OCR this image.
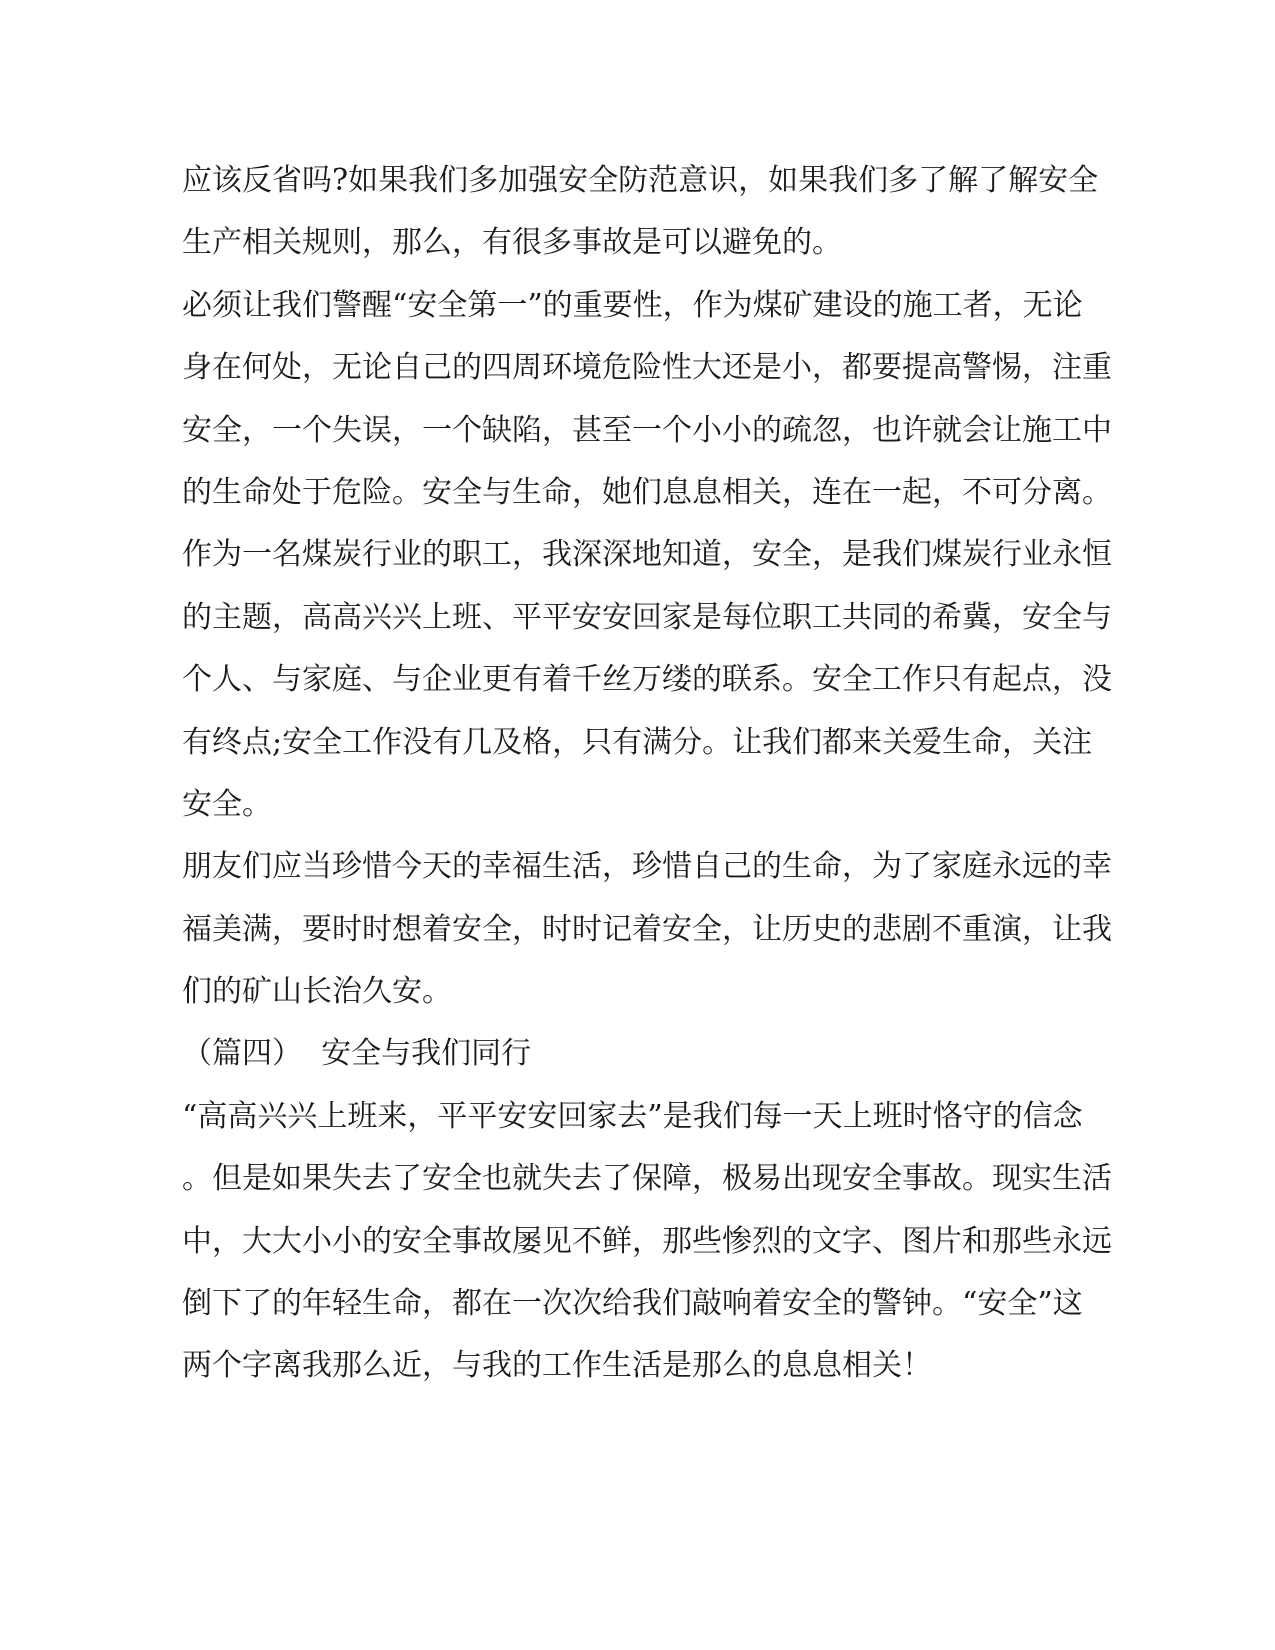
应该反省吗?如果我们多加强安全防范意识，如果我们多了解了解安全
生产相关规则，那么，有很多事故是可以避免的。
必须让我们警醒“安全第一”的重要性，作为煤矿建设的施工者，无论
身在何处，无论自己的四周环境危险性大还是小，都要提高警惕，注重
安全，一个失误，一个缺陷，甚至一个小小的疏忽，也许就会让施工中
的生命处于危险。安全与生命，她们息息相关，连在一起，不可分离。
作为一名煤炭行业的职工，我深深地知道，安全，是我们煤炭行业永恒
的主题，高高兴兴上班、平平安安回家是每位职工共同的希冀，安全与
个人、与家庭、与企业更有着千丝万缕的联系。安全工作只有起点，没
有终点;安全工作没有几及格，只有满分。让我们都来关爱生命，关注
安全。
朋友们应当珍惜今天的幸福生活，珍惜自己的生命，为了家庭永远的幸
福美满，要时时想着安全，时时记着安全，让历史的悲剧不重演，让我
们的矿山长治久安。
（篇四）  安全与我们同行
“高高兴兴上班来，平平安安回家去”是我们每一天上班时恪守的信念
。但是如果失去了安全也就失去了保障，极易出现安全事故。现实生活
中，大大小小的安全事故屡见不鲜，那些惨烈的文字、图片和那些永远
倒下了的年轻生命，都在一次次给我们敲响着安全的警钟。“安全”这
两个字离我那么近，与我的工作生活是那么的息息相关！
